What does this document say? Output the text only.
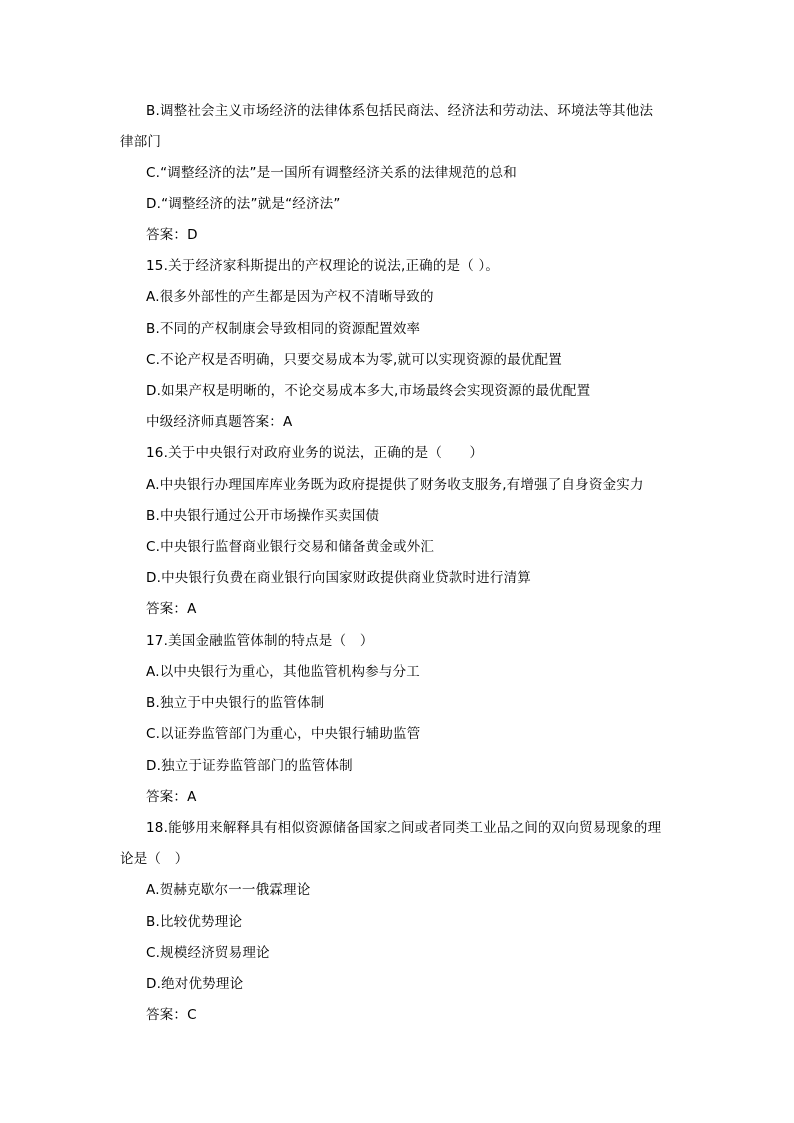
B.调整社会主义市场经济的法律体系包括民商法、经济法和劳动法、环境法等其他法
律部门
C.“调整经济的法”是一国所有调整经济关系的法律规范的总和
D.“调整经济的法”就是“经济法”
答案：D
15.关于经济家科斯提出的产权理论的说法,正确的是（ ）。
A.很多外部性的产生都是因为产权不清晰导致的
B.不同的产权制康会导致相同的资源配置效率
C.不论产权是否明确，只要交易成本为零,就可以实现资源的最优配置
D.如果产权是明晰的，不论交易成本多大,市场最终会实现资源的最优配置
中级经济师真题答案：A
16.关于中央银行对政府业务的说法，正确的是（　　）
A.中央银行办理国库库业务既为政府提提供了财务收支服务,有增强了自身资金实力
B.中央银行通过公开市场操作买卖国债
C.中央银行监督商业银行交易和储备黄金或外汇
D.中央银行负费在商业银行向国家财政提供商业贷款时进行清算
答案：A
17.美国金融监管体制的特点是（　）
A.以中央银行为重心，其他监管机构参与分工
B.独立于中央银行的监管体制
C.以证券监管部门为重心，中央银行辅助监管
D.独立于证券监管部门的监管体制
答案：A
18.能够用来解释具有相似资源储备国家之间或者同类工业品之间的双向贸易现象的理
论是（　）
A.贺赫克歇尔一一俄霖理论
B.比较优势理论
C.规模经济贸易理论
D.绝对优势理论
答案：C
